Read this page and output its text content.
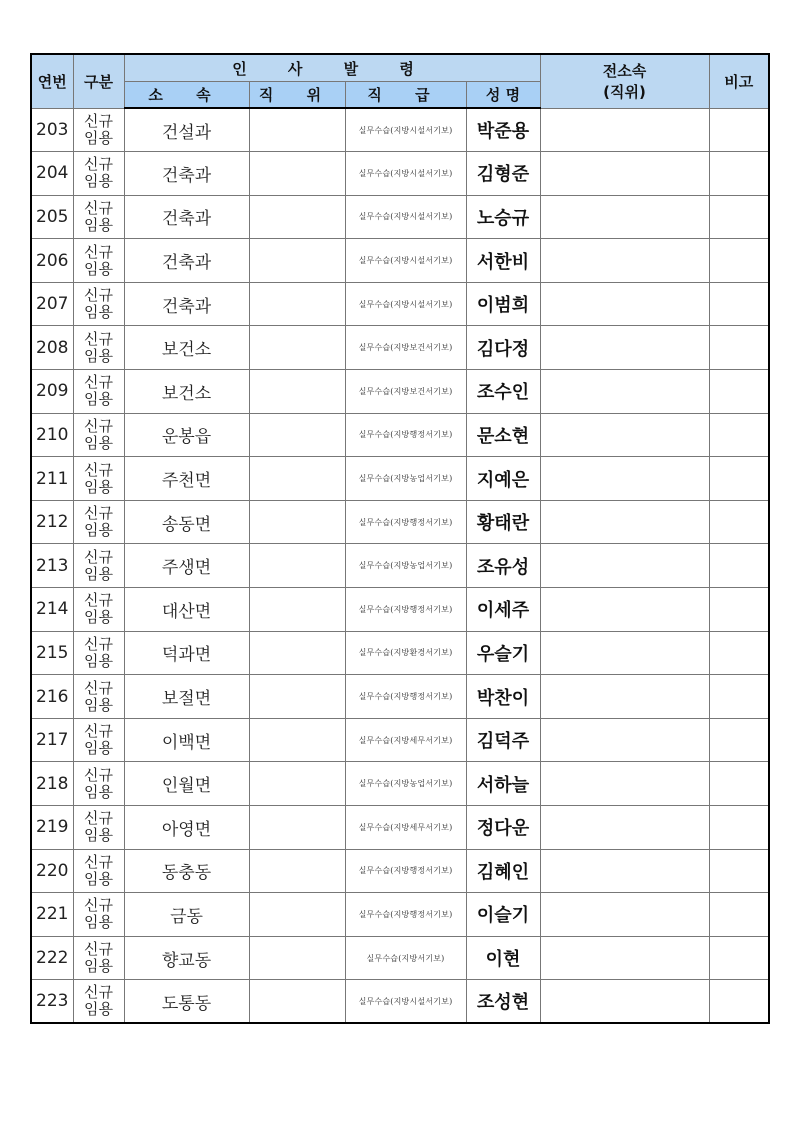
연번	구분	인 사 발 령				전소속
(직위)	비고
		소 속	직 위	직 급	성 명		
203	신규
임용	건설과		실무수습(지방시설서기보)	박준용		
204	신규
임용	건축과		실무수습(지방시설서기보)	김형준		
205	신규
임용	건축과		실무수습(지방시설서기보)	노승규		
206	신규
임용	건축과		실무수습(지방시설서기보)	서한비		
207	신규
임용	건축과		실무수습(지방시설서기보)	이범희		
208	신규
임용	보건소		실무수습(지방보건서기보)	김다정		
209	신규
임용	보건소		실무수습(지방보건서기보)	조수인		
210	신규
임용	운봉읍		실무수습(지방행정서기보)	문소현		
211	신규
임용	주천면		실무수습(지방농업서기보)	지예은		
212	신규
임용	송동면		실무수습(지방행정서기보)	황태란		
213	신규
임용	주생면		실무수습(지방농업서기보)	조유성		
214	신규
임용	대산면		실무수습(지방행정서기보)	이세주		
215	신규
임용	덕과면		실무수습(지방환경서기보)	우슬기		
216	신규
임용	보절면		실무수습(지방행정서기보)	박찬이		
217	신규
임용	이백면		실무수습(지방세무서기보)	김덕주		
218	신규
임용	인월면		실무수습(지방농업서기보)	서하늘		
219	신규
임용	아영면		실무수습(지방세무서기보)	정다운		
220	신규
임용	동충동		실무수습(지방행정서기보)	김혜인		
221	신규
임용	금동		실무수습(지방행정서기보)	이슬기		
222	신규
임용	향교동		실무수습(지방서기보)	이현		
223	신규
임용	도통동		실무수습(지방시설서기보)	조성현		
